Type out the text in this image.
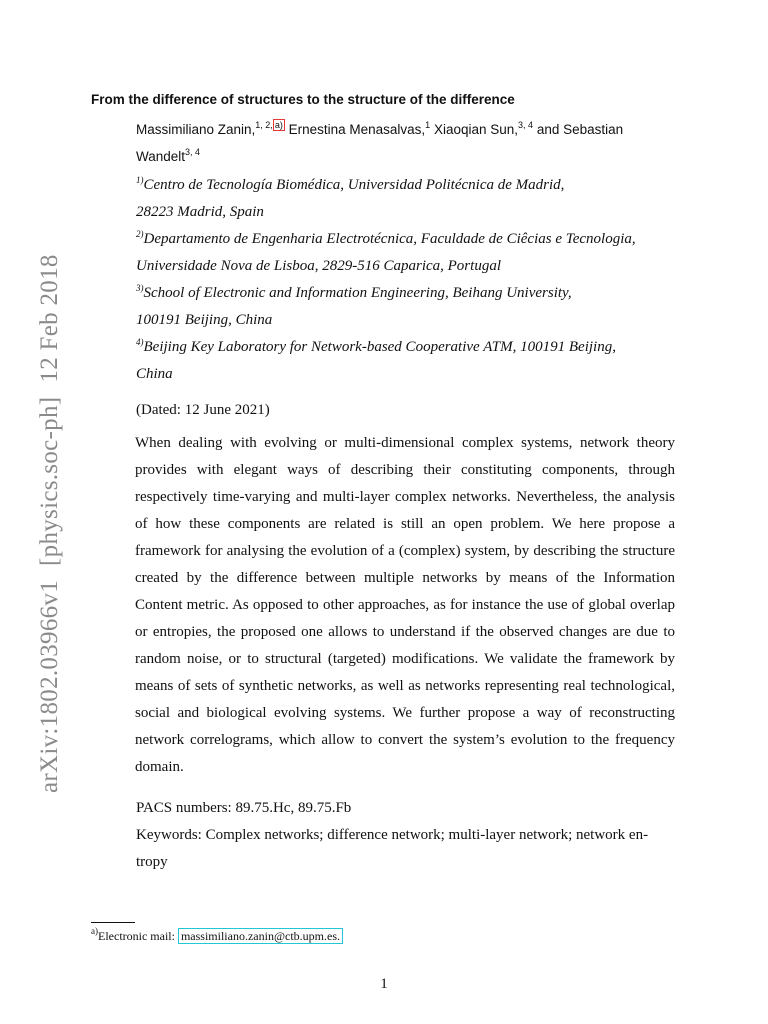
arXiv:1802.03966v1[physics.soc-ph]12 Feb 2018
From the difference of structures to the structure of the difference
Massimiliano Zanin,$^{1, 2,}$ $^{a)}$ Ernestina Menasalvas,$^1$ Xiaoqian Sun,$^{3, 4}$ and Sebastian
Wandelt$^{3, 4}$
$^{1)}$Centro de Tecnología Biomédica, Universidad Politécnica de Madrid,
28223 Madrid, Spain
$^{2)}$Departamento de Engenharia Electrotécnica, Faculdade de Ciêcias e Tecnologia,
Universidade Nova de Lisboa, 2829-516 Caparica, Portugal
$^{3)}$School of Electronic and Information Engineering, Beihang University,
100191 Beijing, China
$^{4)}$Beijing Key Laboratory for Network-based Cooperative ATM, 100191 Beijing,
China
(Dated: 12 June 2021)
When dealing with evolving or multi-dimensional complex systems, network theory provides with elegant ways of describing their constituting components, through respectively time-varying and multi-layer complex networks. Nevertheless, the analysis of how these components are related is still an open problem. We here propose a framework for analysing the evolution of a (complex) system, by describing the structure created by the difference between multiple networks by means of the Information Content metric. As opposed to other approaches, as for instance the use of global overlap or entropies, the proposed one allows to understand if the observed changes are due to random noise, or to structural (targeted) modifications. We validate the framework by means of sets of synthetic networks, as well as networks representing real technological, social and biological evolving systems. We further propose a way of reconstructing network correlograms, which allow to convert the system’s evolution to the frequency domain.
PACS numbers: 89.75.Hc, 89.75.Fb
Keywords: Complex networks; difference network; multi-layer network; network en-
tropy
$^{a)}$Electronic mail: massimiliano.zanin@ctb.upm.es.
1
